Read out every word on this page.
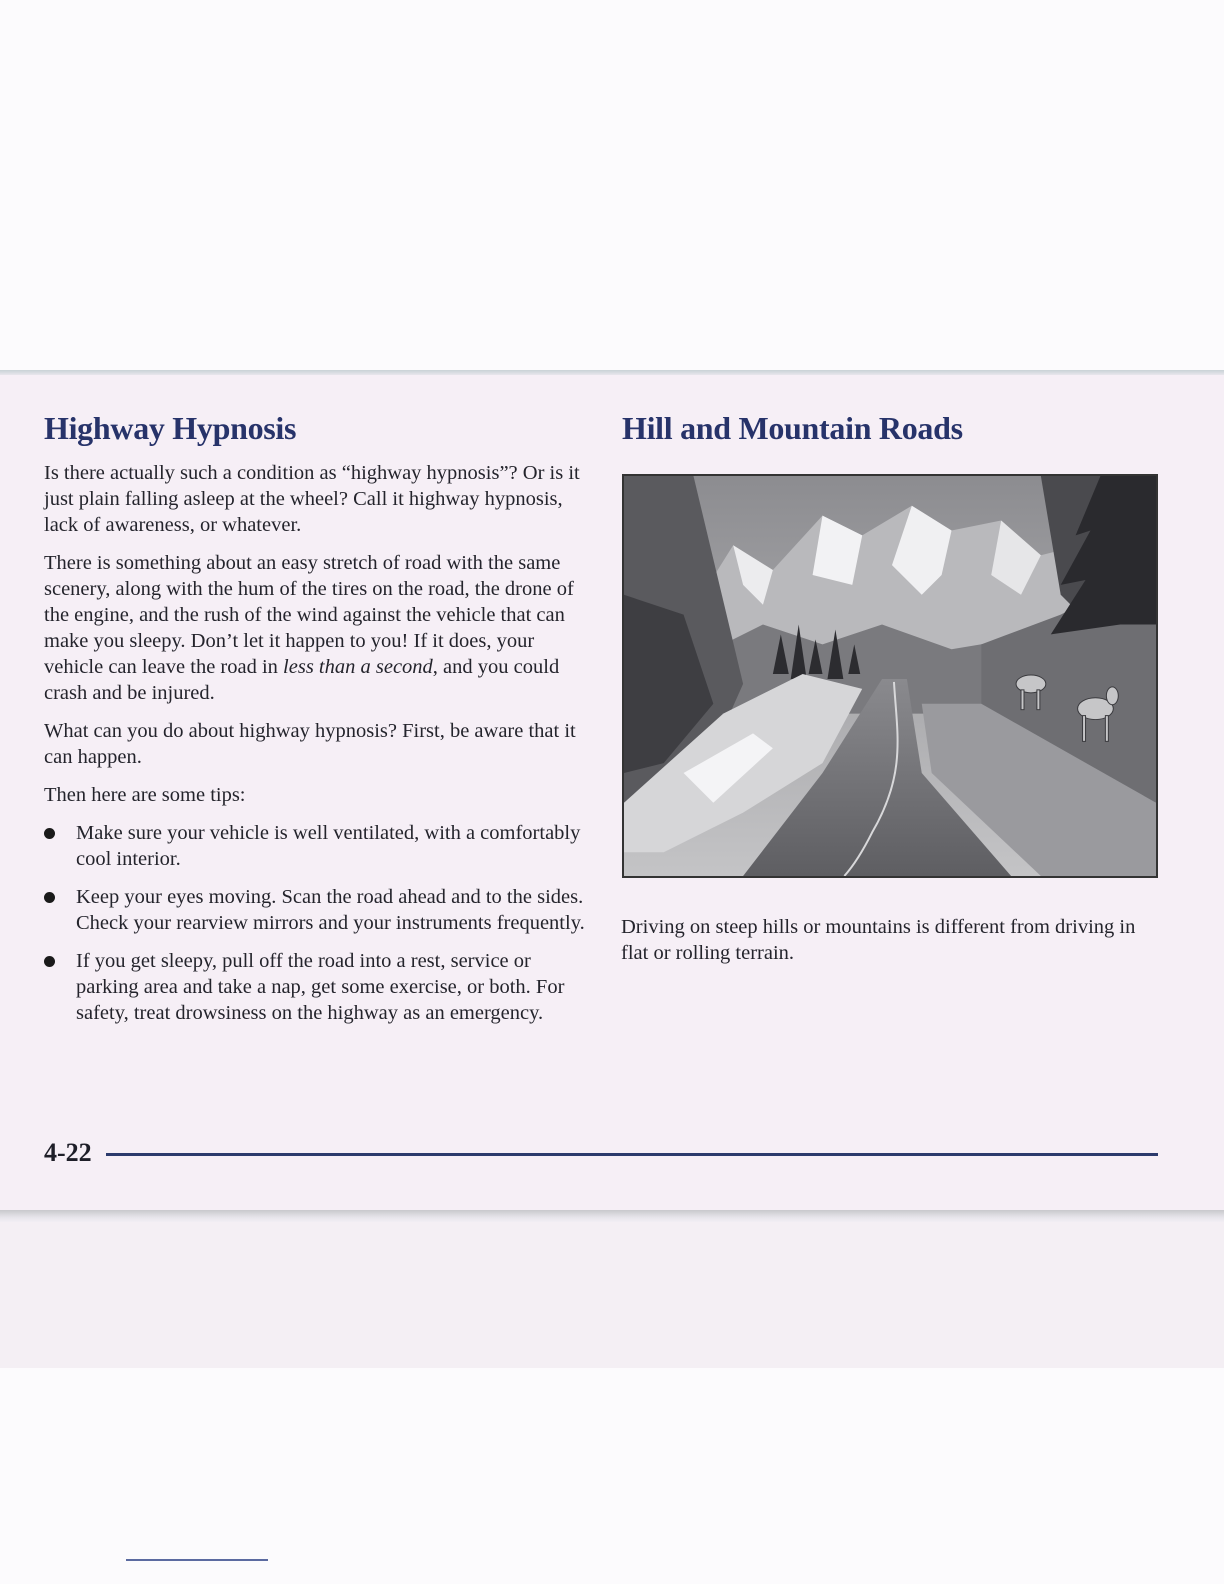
Highway Hypnosis

Is there actually such a condition as “highway hypnosis”? Or is it just plain falling asleep at the wheel? Call it highway hypnosis, lack of awareness, or whatever.

There is something about an easy stretch of road with the same scenery, along with the hum of the tires on the road, the drone of the engine, and the rush of the wind against the vehicle that can make you sleepy. Don’t let it happen to you! If it does, your vehicle can leave the road in less than a second, and you could crash and be injured.

What can you do about highway hypnosis? First, be aware that it can happen.

Then here are some tips:

Make sure your vehicle is well ventilated, with a comfortably cool interior.
Keep your eyes moving. Scan the road ahead and to the sides. Check your rearview mirrors and your instruments frequently.
If you get sleepy, pull off the road into a rest, service or parking area and take a nap, get some exercise, or both. For safety, treat drowsiness on the highway as an emergency.
Hill and Mountain Roads

Driving on steep hills or mountains is different from driving in flat or rolling terrain.

4-22
